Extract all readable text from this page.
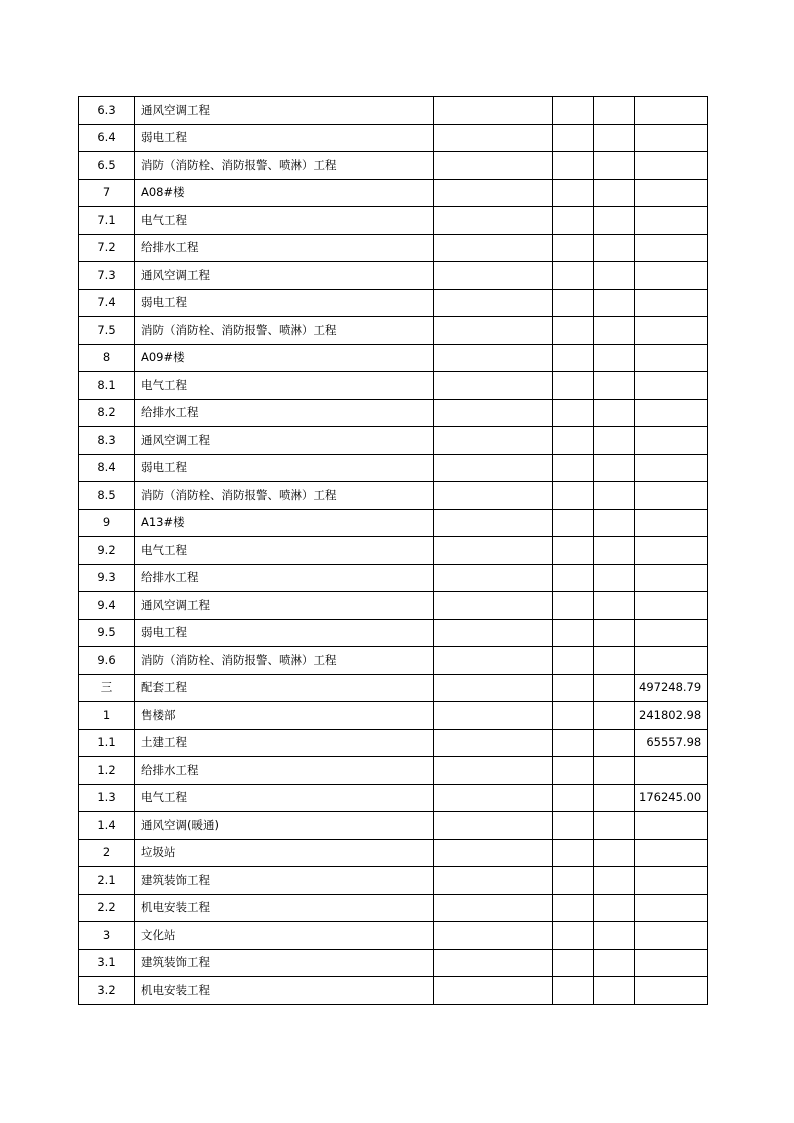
6.3	通风空调工程				
6.4	弱电工程				
6.5	消防（消防栓、消防报警、喷淋）工程				
7	A08#楼				
7.1	电气工程				
7.2	给排水工程				
7.3	通风空调工程				
7.4	弱电工程				
7.5	消防（消防栓、消防报警、喷淋）工程				
8	A09#楼				
8.1	电气工程				
8.2	给排水工程				
8.3	通风空调工程				
8.4	弱电工程				
8.5	消防（消防栓、消防报警、喷淋）工程				
9	A13#楼				
9.2	电气工程				
9.3	给排水工程				
9.4	通风空调工程				
9.5	弱电工程				
9.6	消防（消防栓、消防报警、喷淋）工程				
三	配套工程				497248.79
1	售楼部				241802.98
1.1	土建工程				65557.98
1.2	给排水工程				
1.3	电气工程				176245.00
1.4	通风空调(暖通)				
2	垃圾站				
2.1	建筑装饰工程				
2.2	机电安装工程				
3	文化站				
3.1	建筑装饰工程				
3.2	机电安装工程				
